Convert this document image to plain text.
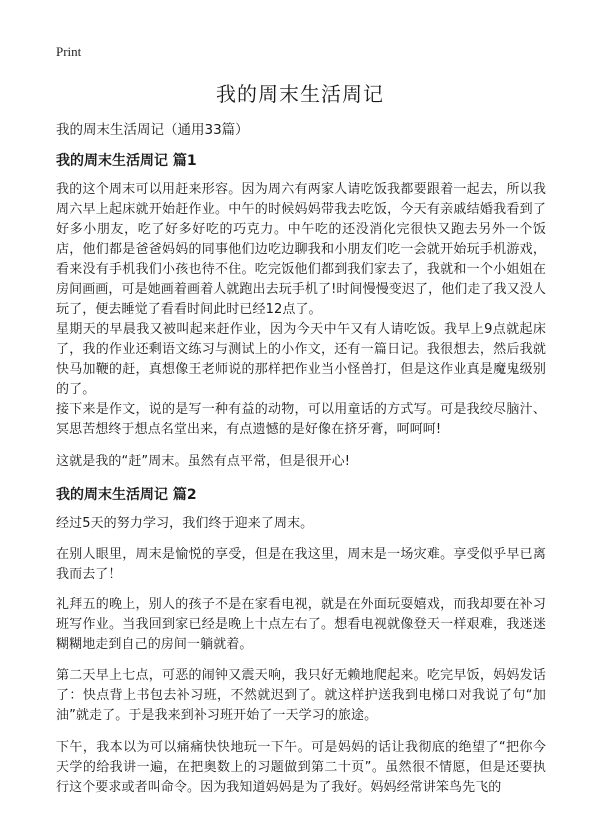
Print
我的周末生活周记
我的周末生活周记（通用33篇）
我的周末生活周记 篇1

我的这个周末可以用赶来形容。因为周六有两家人请吃饭我都要跟着一起去，所以我周六早上起床就开始赶作业。中午的时候妈妈带我去吃饭，今天有亲戚结婚我看到了好多小朋友，吃了好多好吃的巧克力。中午吃的还没消化完很快又跑去另外一个饭店，他们都是爸爸妈妈的同事他们边吃边聊我和小朋友们吃一会就开始玩手机游戏，看来没有手机我们小孩也待不住。吃完饭他们都到我们家去了，我就和一个小姐姐在房间画画，可是她画着画着人就跑出去玩手机了!时间慢慢变迟了，他们走了我又没人玩了，便去睡觉了看看时间此时已经12点了。

星期天的早晨我又被叫起来赶作业，因为今天中午又有人请吃饭。我早上9点就起床了，我的作业还剩语文练习与测试上的小作文，还有一篇日记。我很想去，然后我就快马加鞭的赶，真想像王老师说的那样把作业当小怪兽打，但是这作业真是魔鬼级别的了。

接下来是作文，说的是写一种有益的动物，可以用童话的方式写。可是我绞尽脑汁、冥思苦想终于想点名堂出来，有点遗憾的是好像在挤牙膏，呵呵呵!

这就是我的“赶”周末。虽然有点平常，但是很开心!

我的周末生活周记 篇2

经过5天的努力学习，我们终于迎来了周末。

在别人眼里，周末是愉悦的享受，但是在我这里，周末是一场灾难。享受似乎早已离我而去了！

礼拜五的晚上，别人的孩子不是在家看电视，就是在外面玩耍嬉戏，而我却要在补习班写作业。当我回到家已经是晚上十点左右了。想看电视就像登天一样艰难，我迷迷糊糊地走到自己的房间一躺就着。

第二天早上七点，可恶的闹钟又震天响，我只好无赖地爬起来。吃完早饭，妈妈发话了：快点背上书包去补习班，不然就迟到了。就这样护送我到电梯口对我说了句“加油”就走了。于是我来到补习班开始了一天学习的旅途。

下午，我本以为可以痛痛快快地玩一下午。可是妈妈的话让我彻底的绝望了“把你今天学的给我讲一遍，在把奥数上的习题做到第二十页”。虽然很不情愿，但是还要执行这个要求或者叫命令。因为我知道妈妈是为了我好。妈妈经常讲笨鸟先飞的
